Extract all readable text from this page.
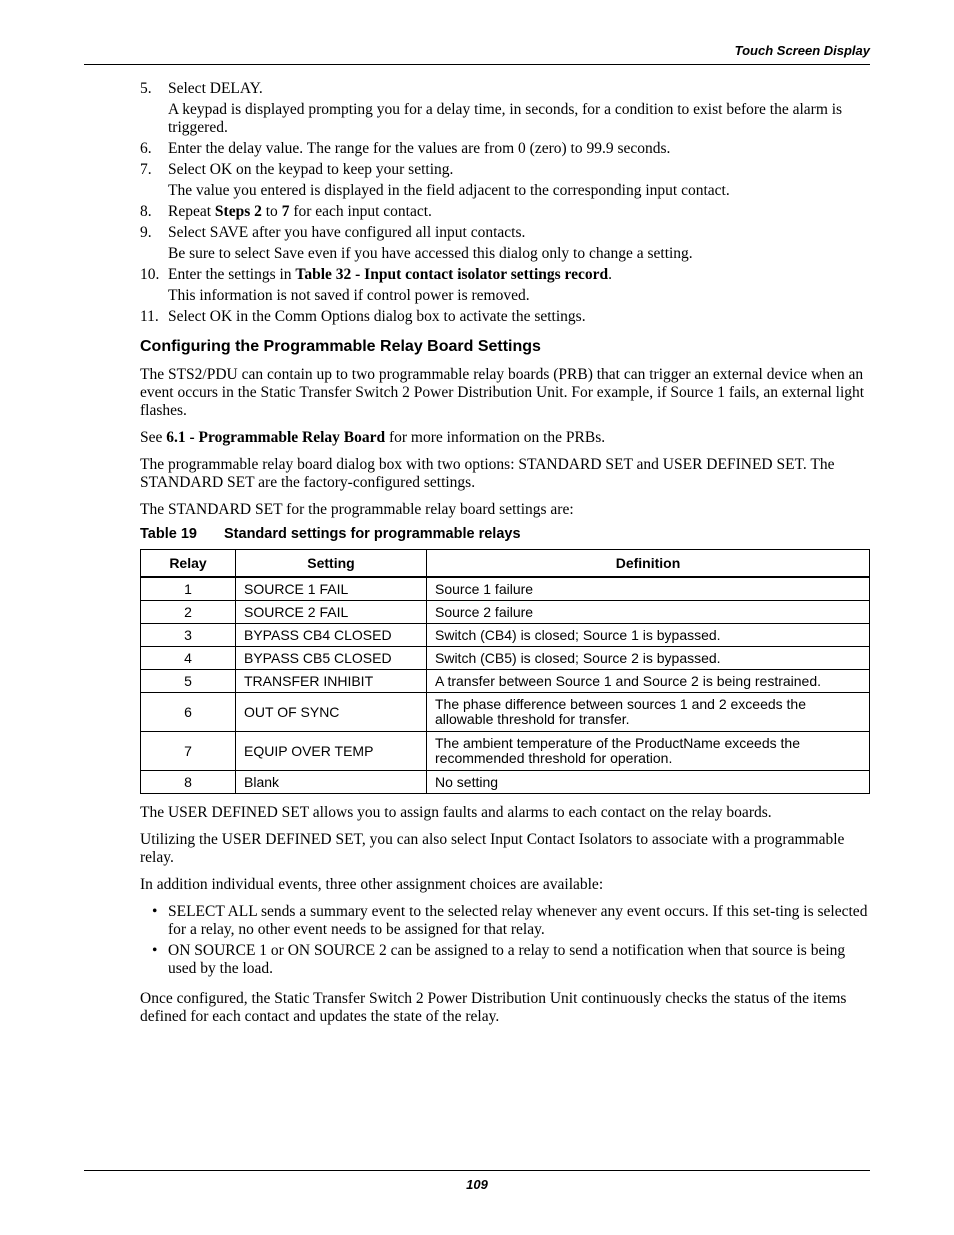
Touch Screen Display
5. Select DELAY.
A keypad is displayed prompting you for a delay time, in seconds, for a condition to exist before the alarm is triggered.
6. Enter the delay value. The range for the values are from 0 (zero) to 99.9 seconds.
7. Select OK on the keypad to keep your setting.
The value you entered is displayed in the field adjacent to the corresponding input contact.
8. Repeat Steps 2 to 7 for each input contact.
9. Select SAVE after you have configured all input contacts.
Be sure to select Save even if you have accessed this dialog only to change a setting.
10. Enter the settings in Table 32 - Input contact isolator settings record.
This information is not saved if control power is removed.
11. Select OK in the Comm Options dialog box to activate the settings.
Configuring the Programmable Relay Board Settings

The STS2/PDU can contain up to two programmable relay boards (PRB) that can trigger an external device when an event occurs in the Static Transfer Switch 2 Power Distribution Unit. For example, if Source 1 fails, an external light flashes.

See 6.1 - Programmable Relay Board for more information on the PRBs.

The programmable relay board dialog box with two options: STANDARD SET and USER DEFINED SET. The STANDARD SET are the factory-configured settings.

The STANDARD SET for the programmable relay board settings are:

Table 19 Standard settings for programmable relays
Relay	Setting	Definition
1	SOURCE 1 FAIL	Source 1 failure
2	SOURCE 2 FAIL	Source 2 failure
3	BYPASS CB4 CLOSED	Switch (CB4) is closed; Source 1 is bypassed.
4	BYPASS CB5 CLOSED	Switch (CB5) is closed; Source 2 is bypassed.
5	TRANSFER INHIBIT	A transfer between Source 1 and Source 2 is being restrained.
6	OUT OF SYNC	The phase difference between sources 1 and 2 exceeds the allowable threshold for transfer.
7	EQUIP OVER TEMP	The ambient temperature of the ProductName exceeds the recommended threshold for operation.
8	Blank	No setting

The USER DEFINED SET allows you to assign faults and alarms to each contact on the relay boards.

Utilizing the USER DEFINED SET, you can also select Input Contact Isolators to associate with a programmable relay.

In addition individual events, three other assignment choices are available:

• SELECT ALL sends a summary event to the selected relay whenever any event occurs. If this set-ting is selected for a relay, no other event needs to be assigned for that relay.
• ON SOURCE 1 or ON SOURCE 2 can be assigned to a relay to send a notification when that source is being used by the load.

Once configured, the Static Transfer Switch 2 Power Distribution Unit continuously checks the status of the items defined for each contact and updates the state of the relay.

109
